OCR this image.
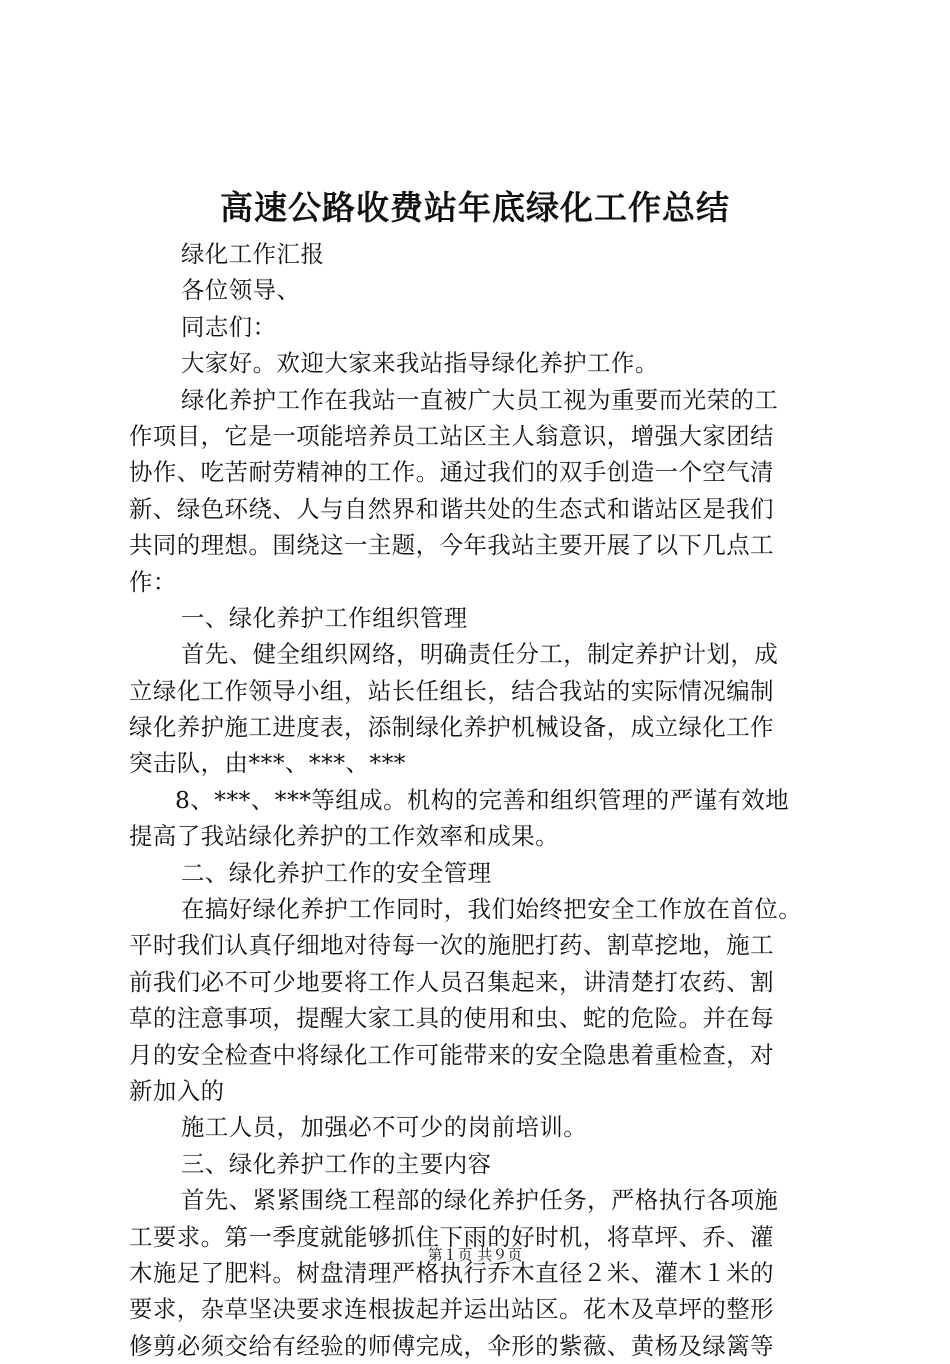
高速公路收费站年底绿化工作总结
绿化工作汇报
各位领导、
同志们：
大家好。欢迎大家来我站指导绿化养护工作。
绿化养护工作在我站一直被广大员工视为重要而光荣的工
作项目，它是一项能培养员工站区主人翁意识，增强大家团结
协作、吃苦耐劳精神的工作。通过我们的双手创造一个空气清
新、绿色环绕、人与自然界和谐共处的生态式和谐站区是我们
共同的理想。围绕这一主题，今年我站主要开展了以下几点工
作：
一、绿化养护工作组织管理
首先、健全组织网络，明确责任分工，制定养护计划，成
立绿化工作领导小组，站长任组长，结合我站的实际情况编制
绿化养护施工进度表，添制绿化养护机械设备，成立绿化工作
突击队，由***、***、***
8、***、***等组成。机构的完善和组织管理的严谨有效地
提高了我站绿化养护的工作效率和成果。
二、绿化养护工作的安全管理
在搞好绿化养护工作同时，我们始终把安全工作放在首位。
平时我们认真仔细地对待每一次的施肥打药、割草挖地，施工
前我们必不可少地要将工作人员召集起来，讲清楚打农药、割
草的注意事项，提醒大家工具的使用和虫、蛇的危险。并在每
月的安全检查中将绿化工作可能带来的安全隐患着重检查，对
新加入的
施工人员，加强必不可少的岗前培训。
三、绿化养护工作的主要内容
首先、紧紧围绕工程部的绿化养护任务，严格执行各项施
工要求。第一季度就能够抓住下雨的好时机，将草坪、乔、灌
木施足了肥料。树盘清理严格执行乔木直径２米、灌木１米的
要求，杂草坚决要求连根拔起并运出站区。花木及草坪的整形
修剪必须交给有经验的师傅完成，伞形的紫薇、黄杨及绿篱等
第１页 共９页
